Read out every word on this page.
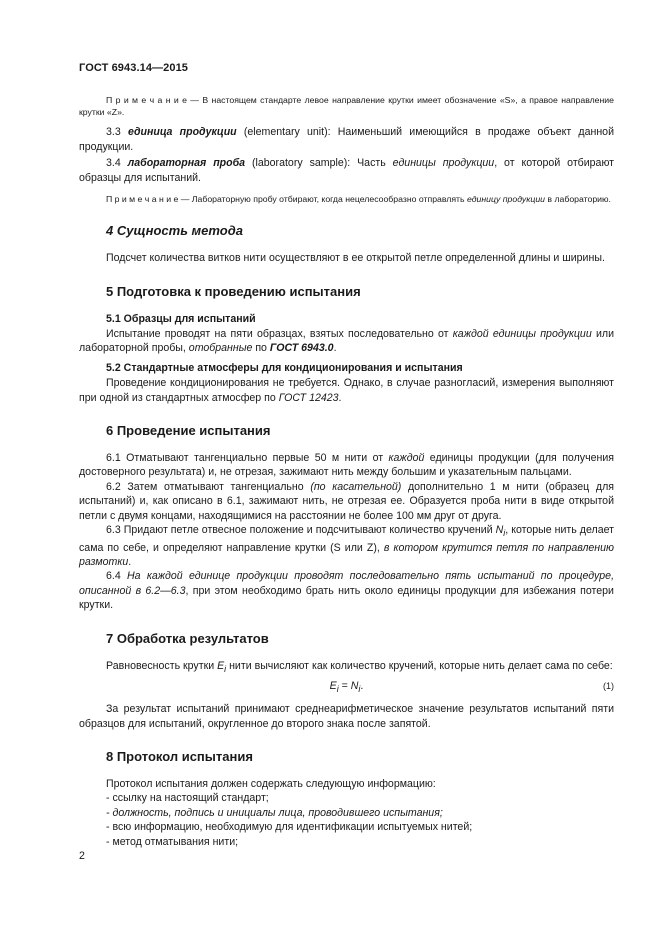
ГОСТ 6943.14—2015

П р и м е ч а н и е — В настоящем стандарте левое направление крутки имеет обозначение «S», а правое направление крутки «Z».

3.3 единица продукции (elementary unit): Наименьший имеющийся в продаже объект данной продукции.

3.4 лабораторная проба (laboratory sample): Часть единицы продукции, от которой отбирают образцы для испытаний.

П р и м е ч а н и е — Лабораторную пробу отбирают, когда нецелесообразно отправлять единицу продукции в лабораторию.

4 Сущность метода

Подсчет количества витков нити осуществляют в ее открытой петле определенной длины и ширины.

5 Подготовка к проведению испытания
5.1 Образцы для испытаний

Испытание проводят на пяти образцах, взятых последовательно от каждой единицы продукции или лабораторной пробы, отобранные по ГОСТ 6943.0.

5.2 Стандартные атмосферы для кондиционирования и испытания

Проведение кондиционирования не требуется. Однако, в случае разногласий, измерения выполняют при одной из стандартных атмосфер по ГОСТ 12423.

6 Проведение испытания

6.1 Отматывают тангенциально первые 50 м нити от каждой единицы продукции (для получения достоверного результата) и, не отрезая, зажимают нить между большим и указательным пальцами.

6.2 Затем отматывают тангенциально (по касательной) дополнительно 1 м нити (образец для испытаний) и, как описано в 6.1, зажимают нить, не отрезая ее. Образуется проба нити в виде открытой петли с двумя концами, находящимися на расстоянии не более 100 мм друг от друга.

6.3 Придают петле отвесное положение и подсчитывают количество кручений $N_i$, которые нить делает сама по себе, и определяют направление крутки (S или Z), в котором крутится петля по направлению размотки.

6.4 На каждой единице продукции проводят последовательно пять испытаний по процедуре, описанной в 6.2—6.3, при этом необходимо брать нить около единицы продукции для избежания потери крутки.

7 Обработка результатов

Равновесность крутки $E_i$ нити вычисляют как количество кручений, которые нить делает сама по себе:

$E_i = N_i$.	(1)

За результат испытаний принимают среднеарифметическое значение результатов испытаний пяти образцов для испытаний, округленное до второго знака после запятой.

8 Протокол испытания

Протокол испытания должен содержать следующую информацию:

- ссылку на настоящий стандарт;

- должность, подпись и инициалы лица, проводившего испытания;

- всю информацию, необходимую для идентификации испытуемых нитей;

- метод отматывания нити;

2
